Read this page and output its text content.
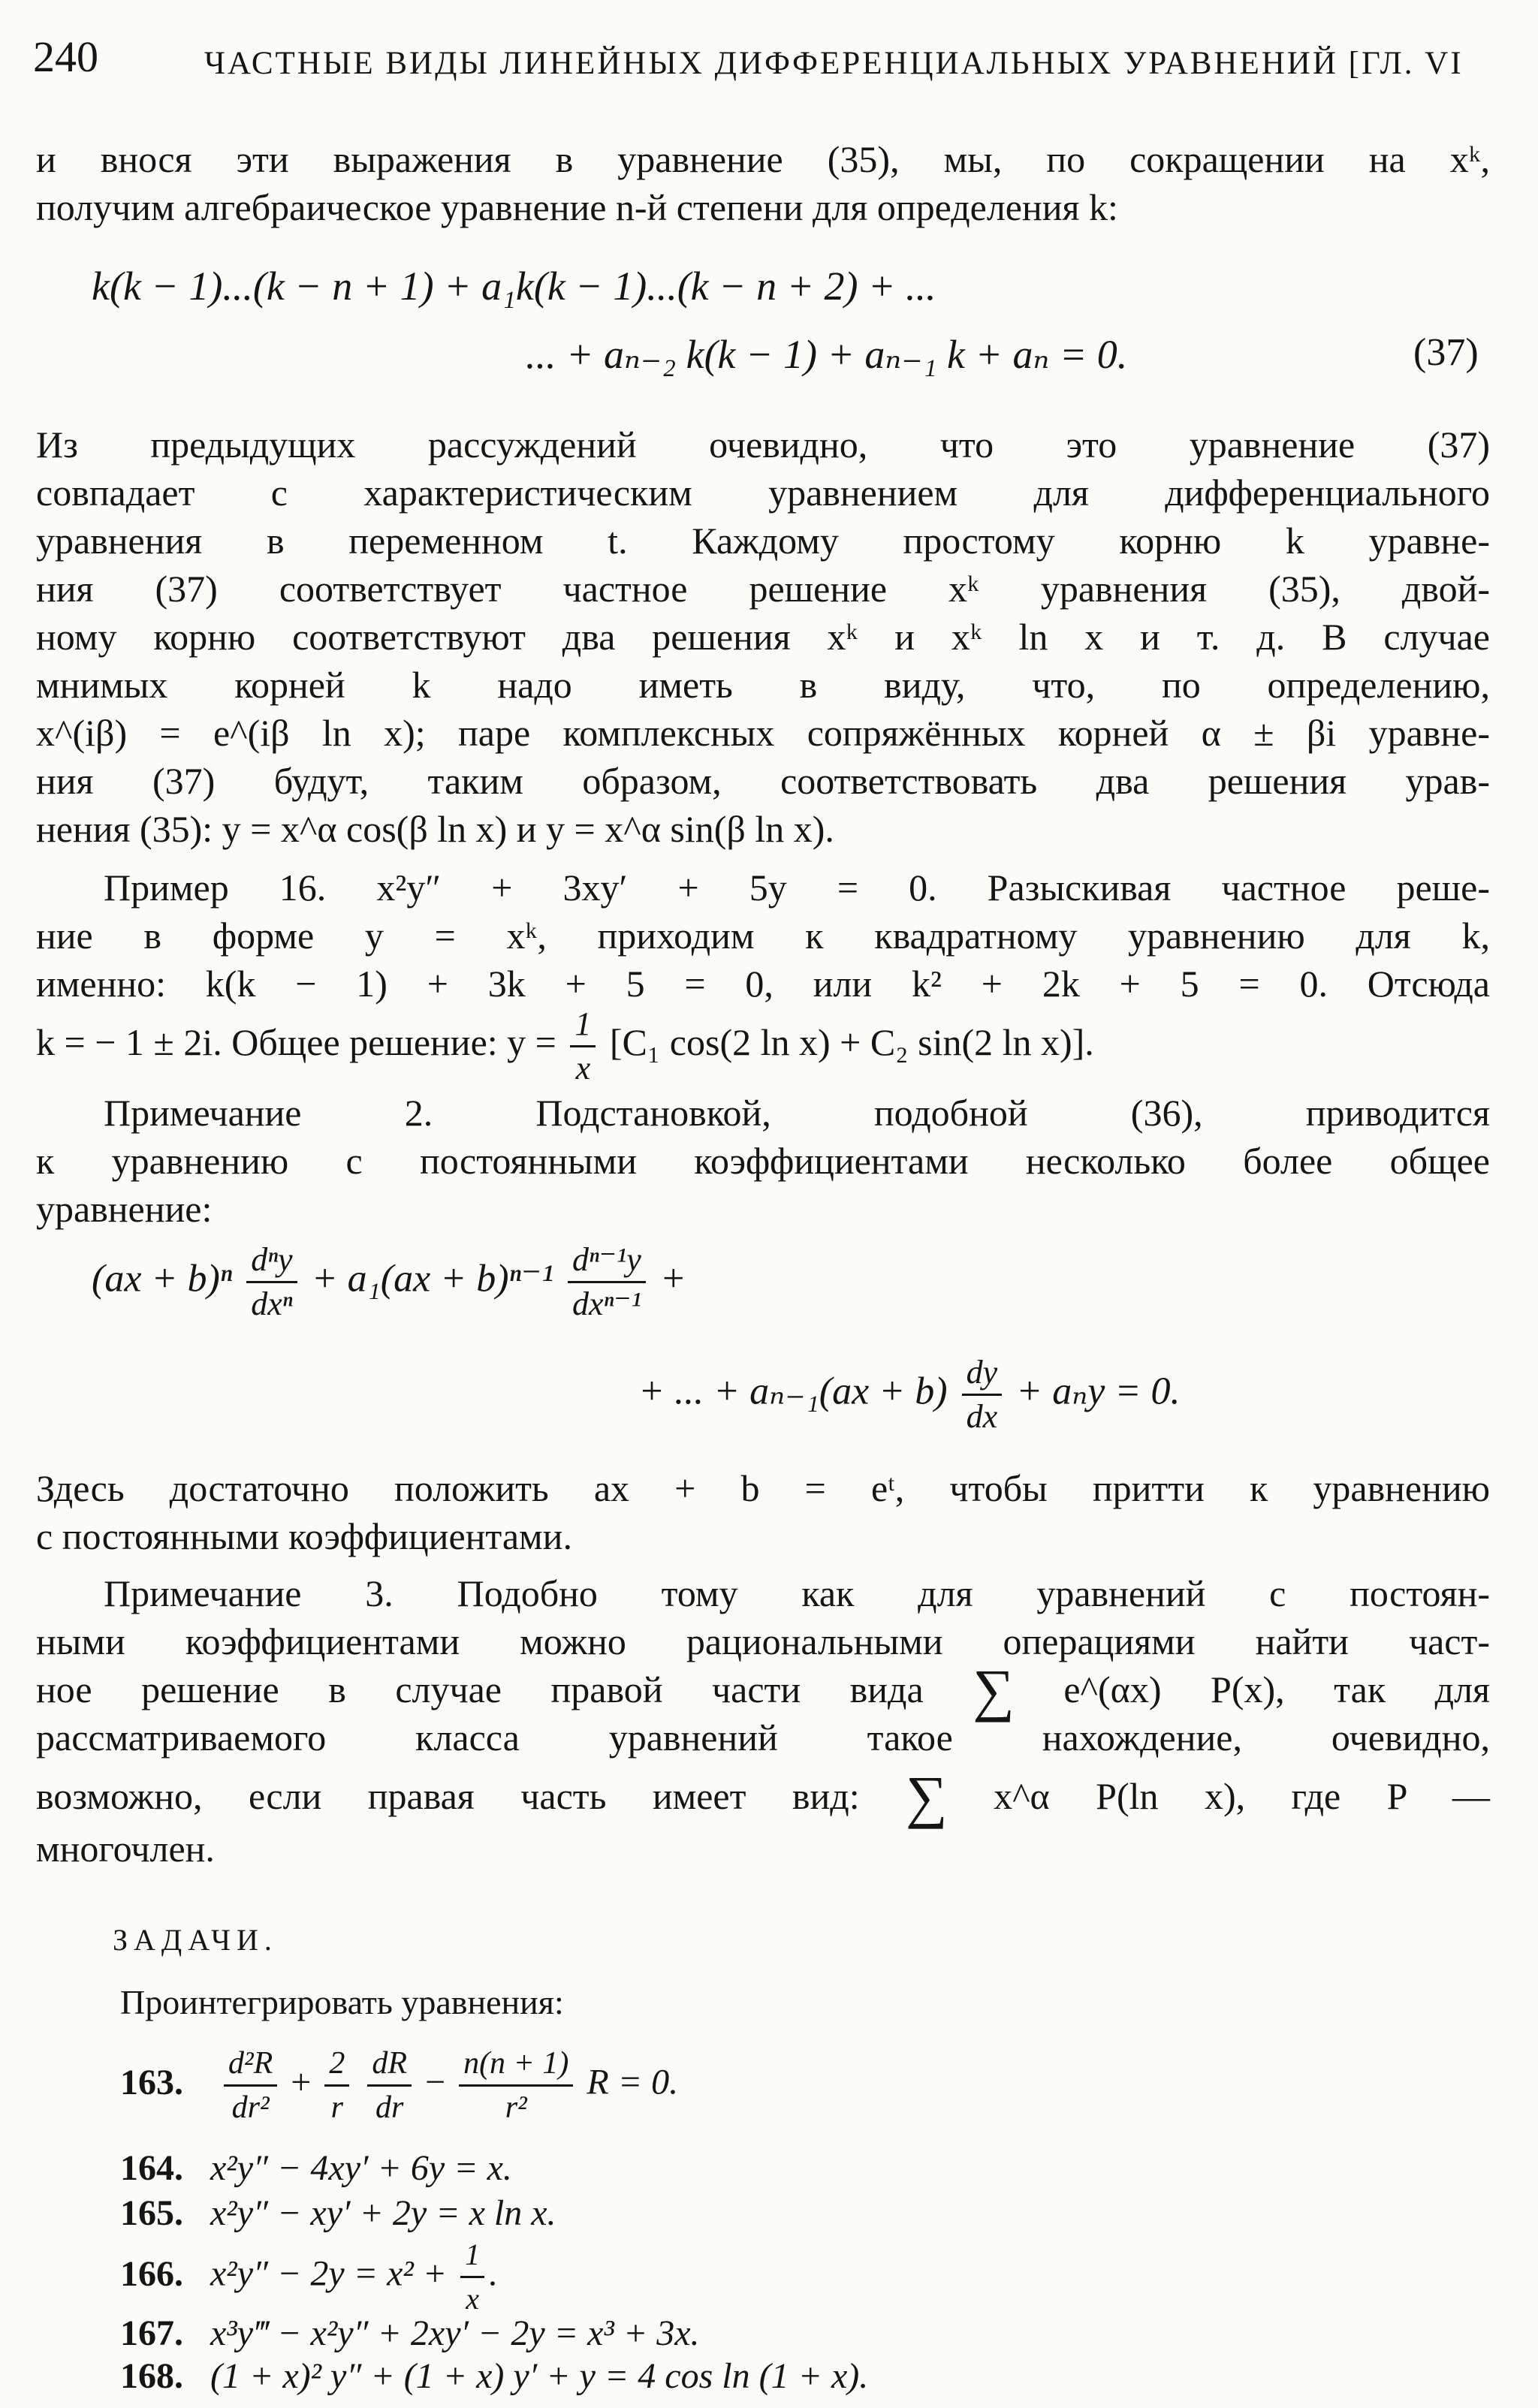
240	ЧАСТНЫЕ ВИДЫ ЛИНЕЙНЫХ ДИФФЕРЕНЦИАЛЬНЫХ УРАВНЕНИЙ [ГЛ. VI
и внося эти выражения в уравнение (35), мы, по сокращении на xᵏ,
получим алгебраическое уравнение n-й степени для определения k:
k(k − 1)...(k − n + 1) + a₁k(k − 1)...(k − n + 2) + ...
... + aₙ₋₂ k(k − 1) + aₙ₋₁ k + aₙ = 0.	(37)
Из предыдущих рассуждений очевидно, что это уравнение (37)
совпадает с характеристическим уравнением для дифференциального
уравнения в переменном t. Каждому простому корню k уравне-
ния (37) соответствует частное решение xᵏ уравнения (35), двой-
ному корню соответствуют два решения xᵏ и xᵏ ln x и т. д. В случае
мнимых корней k надо иметь в виду, что, по определению,
x^(iβ) = e^(iβ ln x); паре комплексных сопряжённых корней α ± βi уравне-
ния (37) будут, таким образом, соответствовать два решения урав-
нения (35): y = x^α cos(β ln x) и y = x^α sin(β ln x).
Пример 16. x²y″ + 3xy′ + 5y = 0. Разыскивая частное реше-
ние в форме y = xᵏ, приходим к квадратному уравнению для k,
именно: k(k − 1) + 3k + 5 = 0, или k² + 2k + 5 = 0. Отсюда
k = − 1 ± 2i. Общее решение: $y = \frac{1}{x} [C_1$ cos(2 ln x) + C₂ sin(2 ln x)].
Примечание 2. Подстановкой, подобной (36), приводится
к уравнению с постоянными коэффициентами несколько более общее
уравнение:
$(ax + b)^n \frac{\text{dⁿy}}{\text{dxⁿ}} + a_1(ax + b)^{n-1} \frac{\text{dⁿ⁻¹y}}{\text{dxⁿ⁻¹}}$ +
+ ... + $a_{n-1}(ax + b) \frac{dy}{dx} + a_ny = 0$.
Здесь достаточно положить ax + b = eᵗ, чтобы притти к уравнению
с постоянными коэффициентами.
Примечание 3. Подобно тому как для уравнений с постоян-
ными коэффициентами можно рациональными операциями найти част-
ное решение в случае правой части вида ∑ e^(αx) P(x), так для
рассматриваемого класса уравнений такое нахождение, очевидно,
возможно, если правая часть имеет вид: ∑ x^α P(ln x), где P —
многочлен.
ЗАДАЧИ.
Проинтегрировать уравнения:
163. $\frac{\text{d²R}}{\text{dr²}} + \frac{2}{r}$
$\frac{dR}{dr} - \frac{n(n + 1)}{\text{r²}}$ R = 0.
164. x²y″ − 4xy′ + 6y = x.
165. x²y″ − xy′ + 2y = x ln x.
166. $x^2y'' - 2y = x^2 + \frac{1}{x}$ .
167. x³y‴ − x²y″ + 2xy′ − 2y = x³ + 3x.
168. (1 + x)² y″ + (1 + x) y′ + y = 4 cos ln (1 + x).
